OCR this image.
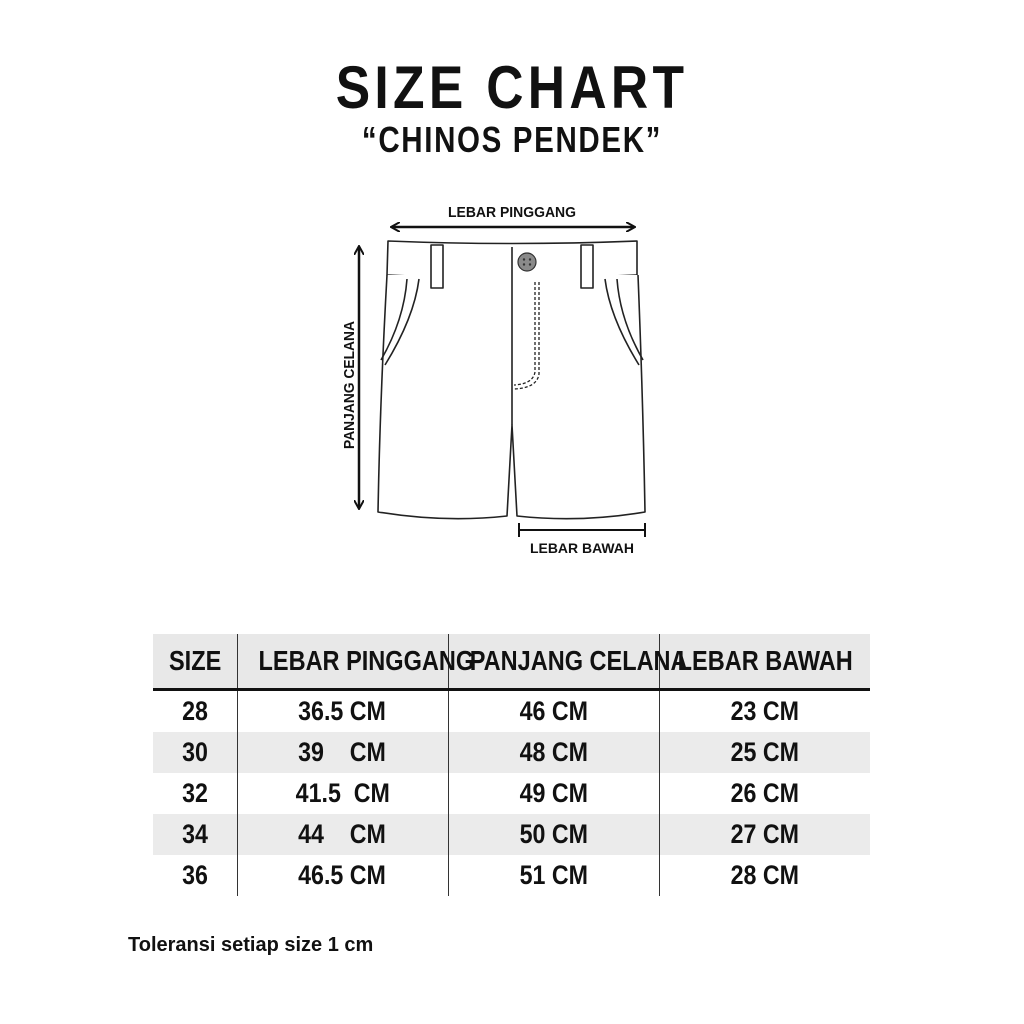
SIZE CHART
“CHINOS PENDEK”
LEBAR PINGGANG
PANJANG CELANA
LEBAR BAWAH
SIZE	LEBAR PINGGANG	PANJANG CELANA	LEBAR BAWAH
28	36.5 CM	46 CM	23 CM
30	39    CM	48 CM	25 CM
32	41.5  CM	49 CM	26 CM
34	44    CM	50 CM	27 CM
36	46.5 CM	51 CM	28 CM
Toleransi setiap size 1 cm
